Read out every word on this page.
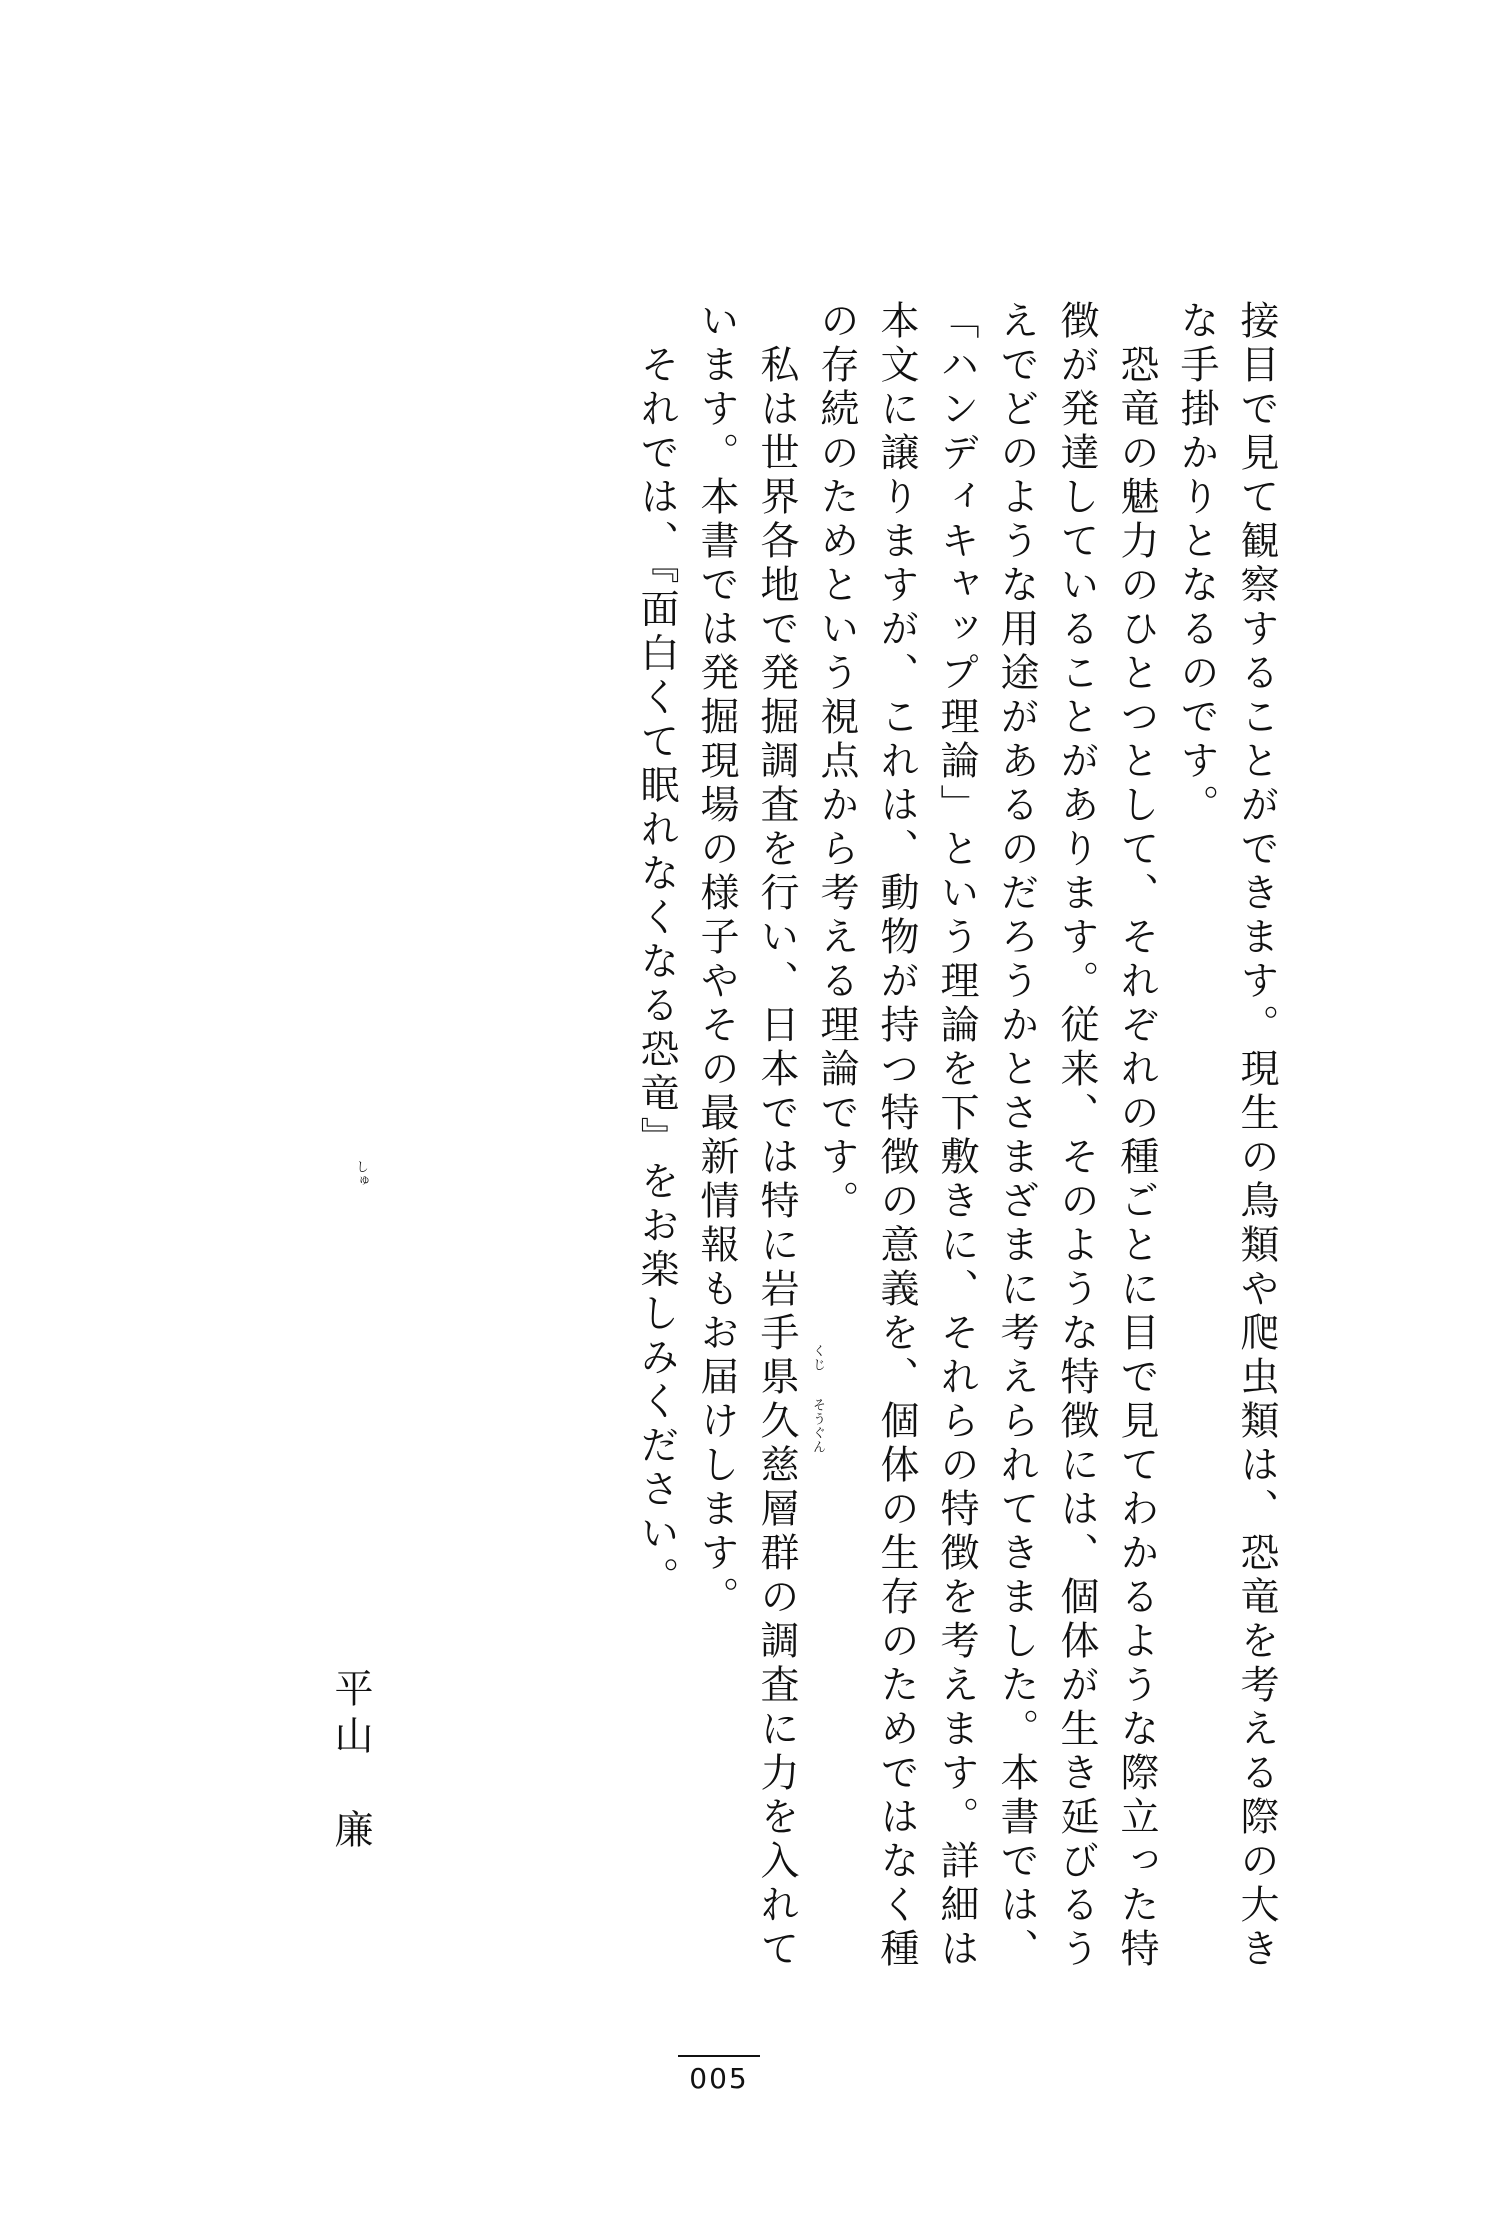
接目で見て観察することができます。現生の鳥類や爬虫類は、恐竜を考える際の大き
な手掛かりとなるのです。
　恐竜の魅力のひとつとして、それぞれの種ごとに目で見てわかるような際立った特
徴が発達していることがあります。従来、そのような特徴には、個体が生き延びるう
えでどのような用途があるのだろうかとさまざまに考えられてきました。本書では、
「ハンディキャップ理論」という理論を下敷きに、それらの特徴を考えます。詳細は
本文に譲りますが、これは、動物が持つ特徴の意義を、個体の生存のためではなく種
の存続のためという視点から考える理論です。
　私は世界各地で発掘調査を行い、日本では特に岩手県久慈層群の調査に力を入れて
います。本書では発掘現場の様子やその最新情報もお届けします。
　それでは、『面白くて眠れなくなる恐竜』をお楽しみください。
しゅ
くじ
そうぐん
平山　廉
005
